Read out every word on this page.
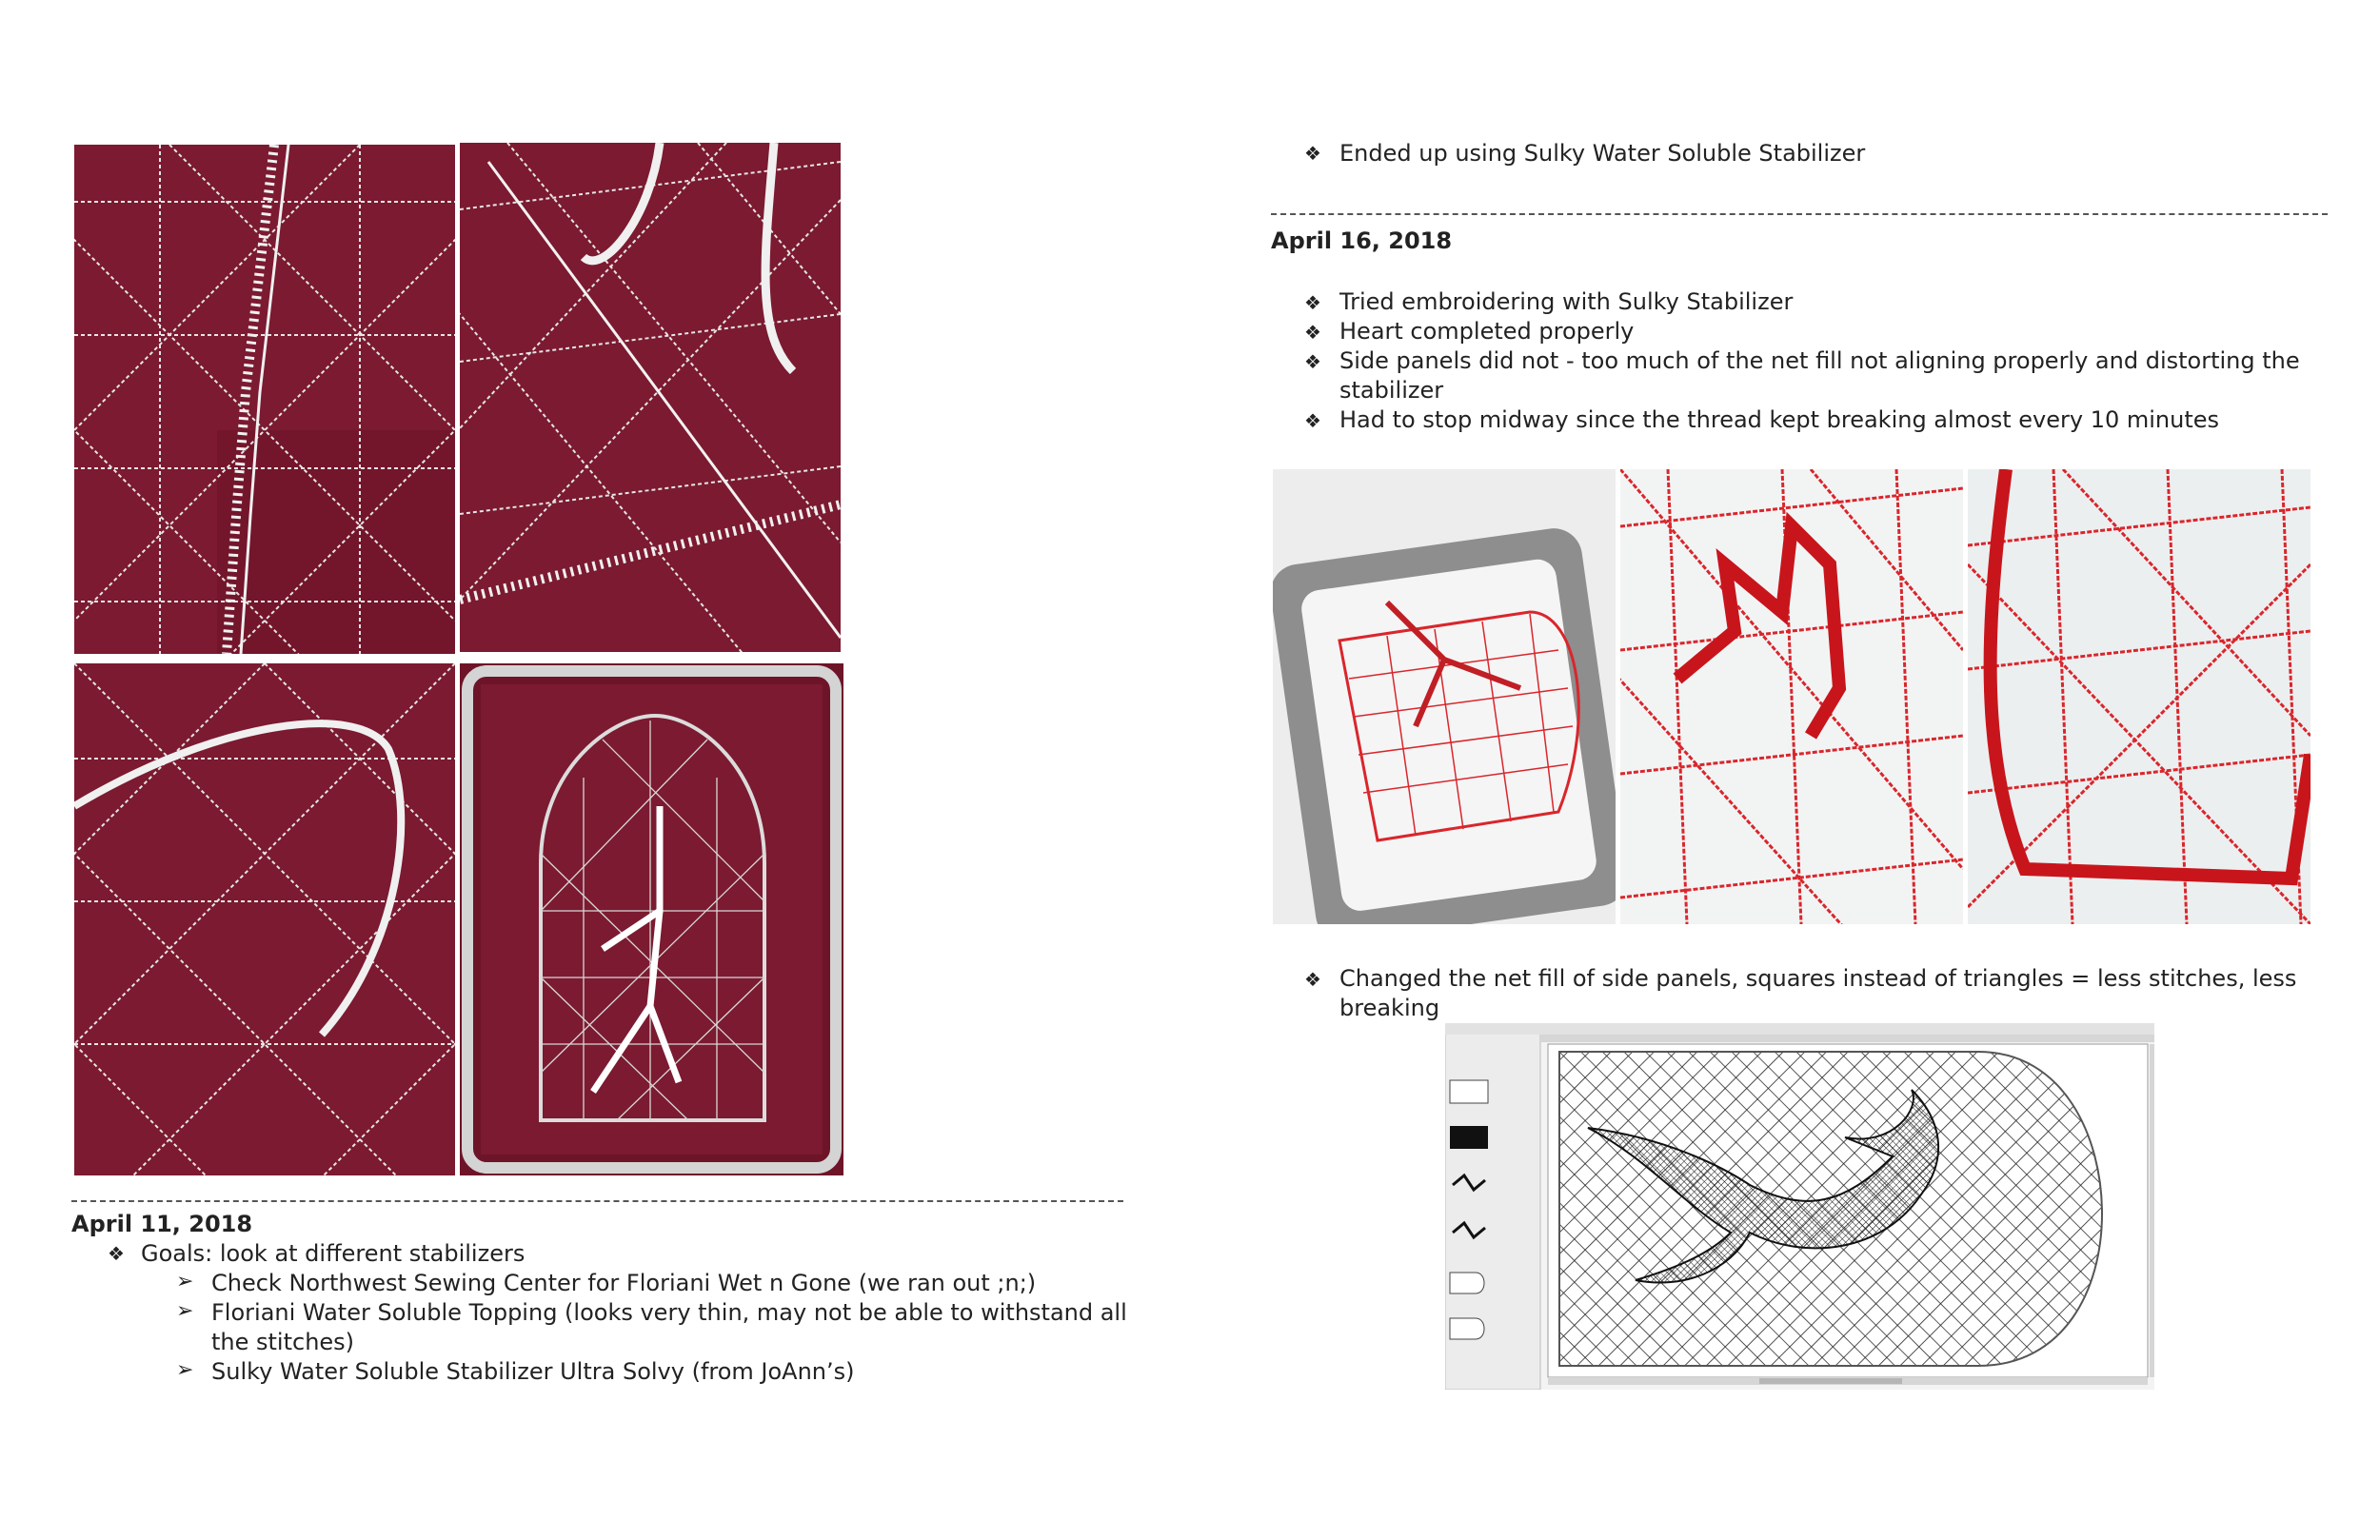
April 11, 2018
❖ Goals: look at different stabilizers
➢ Check Northwest Sewing Center for Floriani Wet n Gone (we ran out ;n;)
➢ Floriani Water Soluble Topping (looks very thin, may not be able to withstand all
the stitches)
➢ Sulky Water Soluble Stabilizer Ultra Solvy (from JoAnn’s)
❖ Ended up using Sulky Water Soluble Stabilizer
April 16, 2018
❖ Tried embroidering with Sulky Stabilizer
❖ Heart completed properly
❖ Side panels did not - too much of the net fill not aligning properly and distorting the
stabilizer
❖ Had to stop midway since the thread kept breaking almost every 10 minutes
❖ Changed the net fill of side panels, squares instead of triangles = less stitches, less
breaking
